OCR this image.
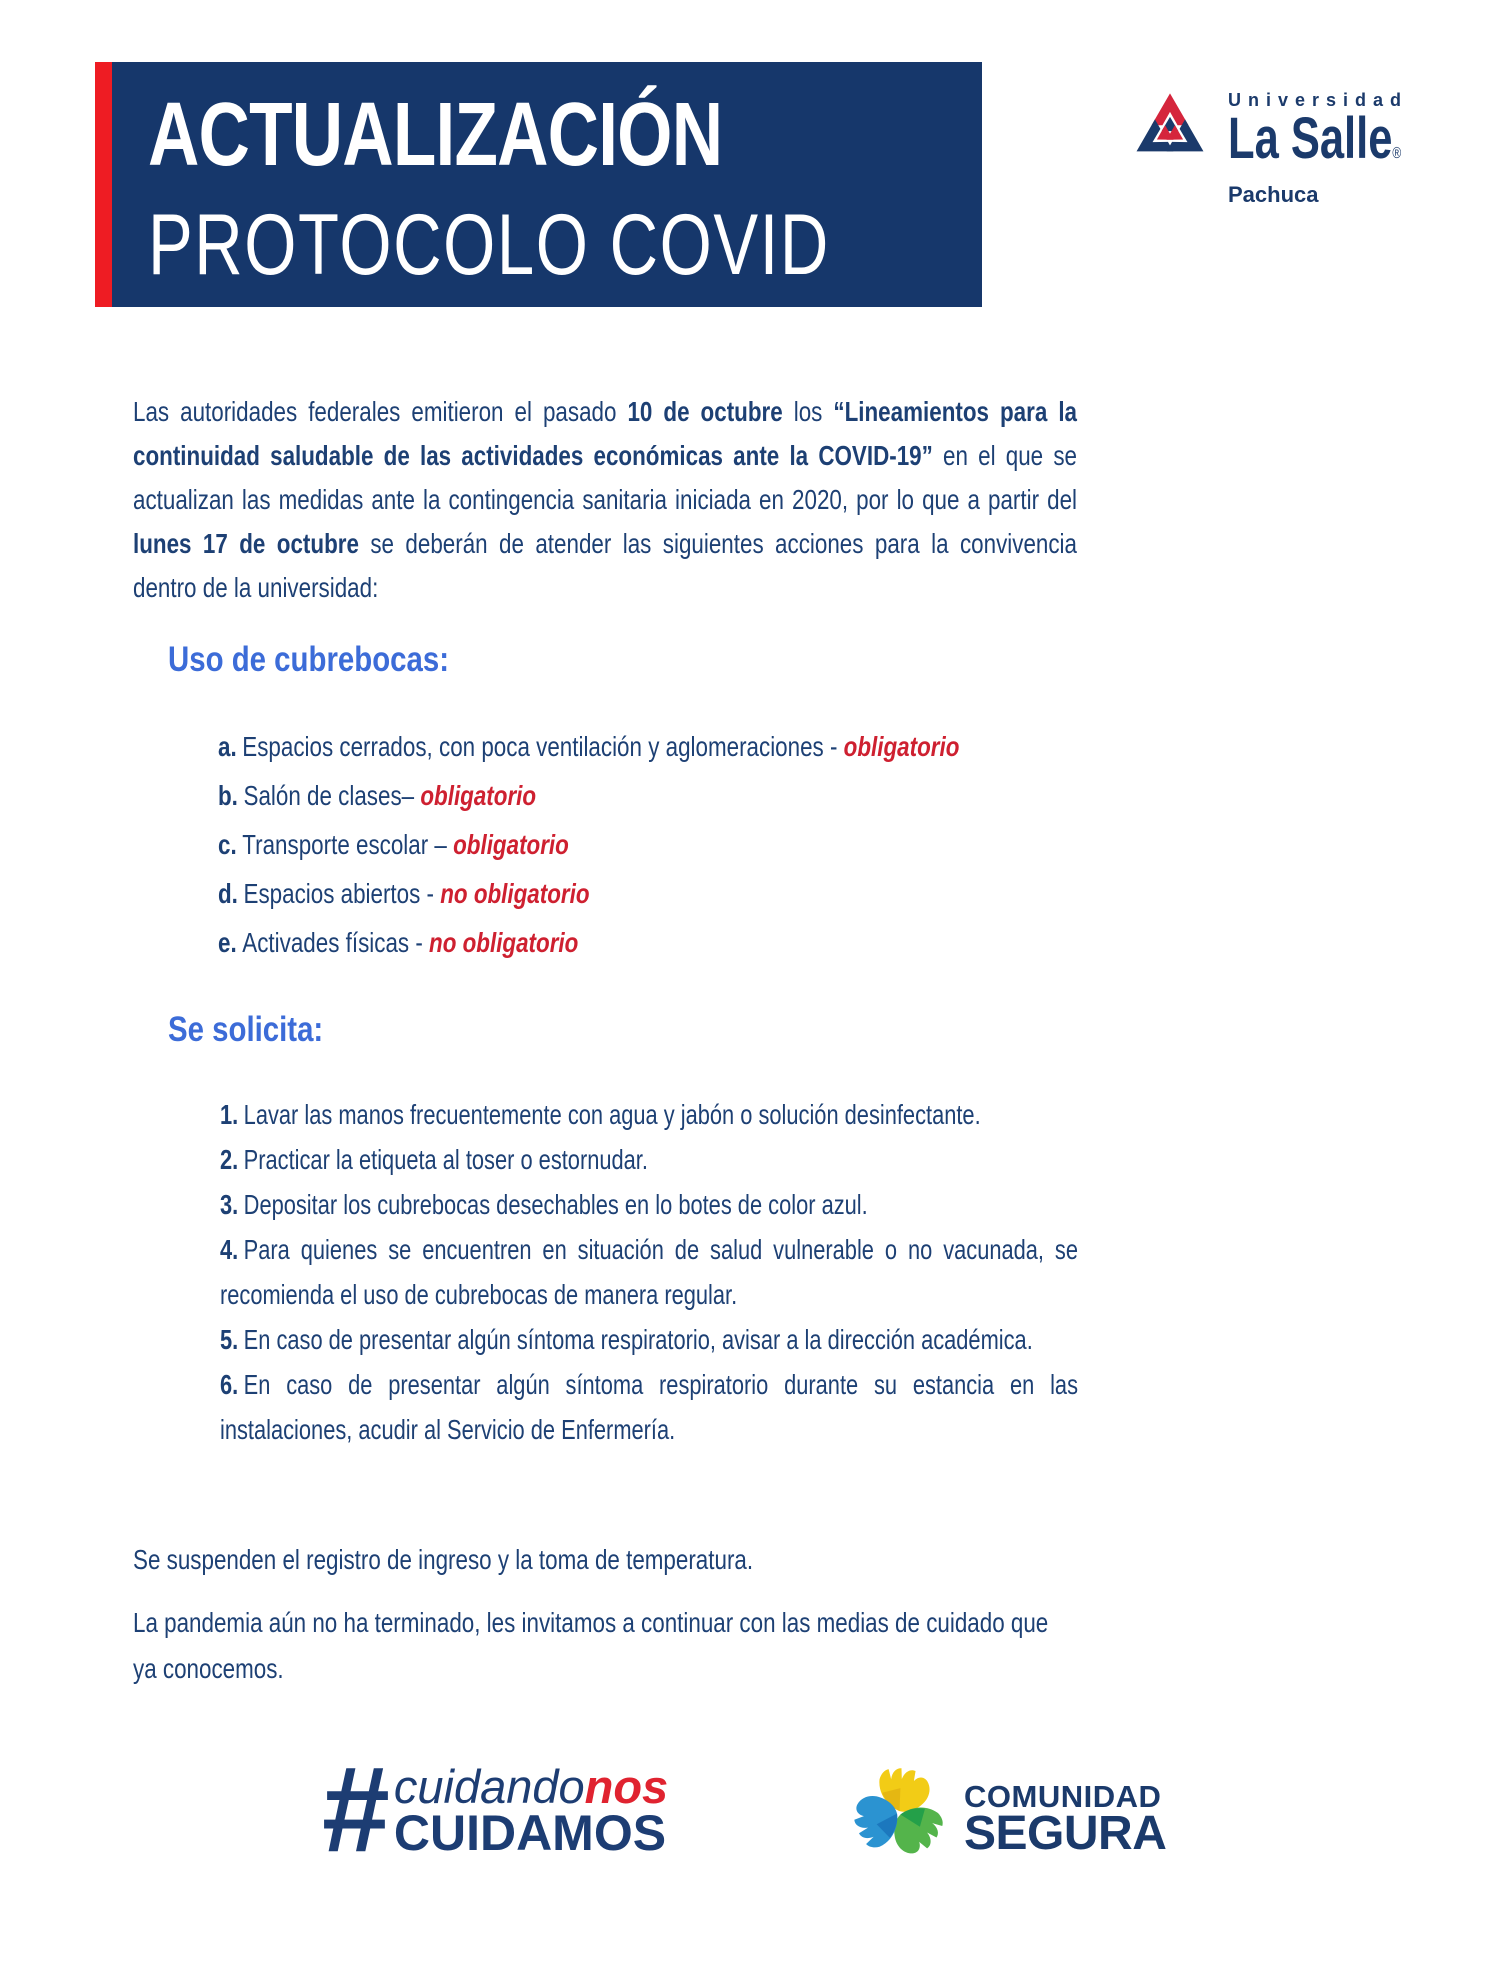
ACTUALIZACIÓN
PROTOCOLO COVID
Universidad
La Salle®
Pachuca

Las autoridades federales emitieron el pasado 10 de octubre los “Lineamientos para la continuidad saludable de las actividades económicas ante la COVID-19” en el que se actualizan las medidas ante la contingencia sanitaria iniciada en 2020, por lo que a partir del lunes 17 de octubre se deberán de atender las siguientes acciones para la convivencia dentro de la universidad:

Uso de cubrebocas:
a. Espacios cerrados, con poca ventilación y aglomeraciones - obligatorio
b. Salón de clases– obligatorio
c. Transporte escolar – obligatorio
d. Espacios abiertos - no obligatorio
e. Activades físicas - no obligatorio
Se solicita:
1. Lavar las manos frecuentemente con agua y jabón o solución desinfectante.
2. Practicar la etiqueta al toser o estornudar.
3. Depositar los cubrebocas desechables en lo botes de color azul.
4. Para quienes se encuentren en situación de salud vulnerable o no vacunada, se recomienda el uso de cubrebocas de manera regular.
5. En caso de presentar algún síntoma respiratorio, avisar a la dirección académica.
6. En caso de presentar algún síntoma respiratorio durante su estancia en las instalaciones, acudir al Servicio de Enfermería.

Se suspenden el registro de ingreso y la toma de temperatura.

La pandemia aún no ha terminado, les invitamos a continuar con las medias de cuidado que ya conocemos.

# cuidandonos
CUIDAMOS
COMUNIDAD
SEGURA
